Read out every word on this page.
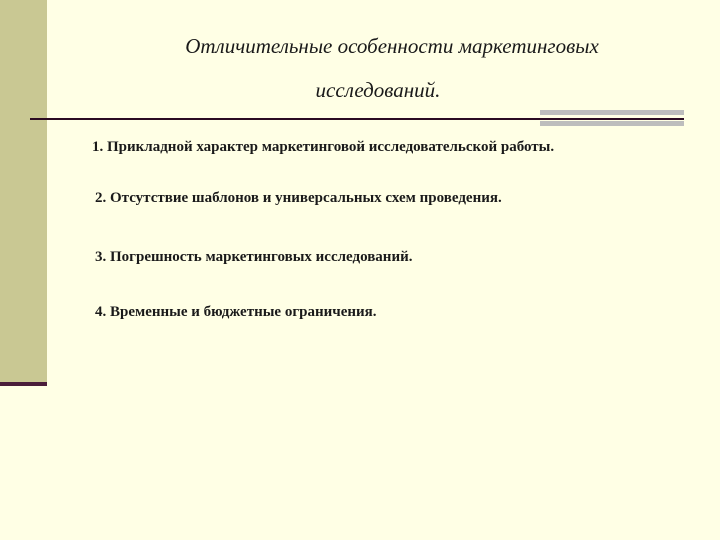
Отличительные особенности маркетинговых
исследований.
1. Прикладной характер маркетинговой исследовательской работы.
2. Отсутствие шаблонов и универсальных схем проведения.
3. Погрешность маркетинговых исследований.
4. Временные и бюджетные ограничения.
